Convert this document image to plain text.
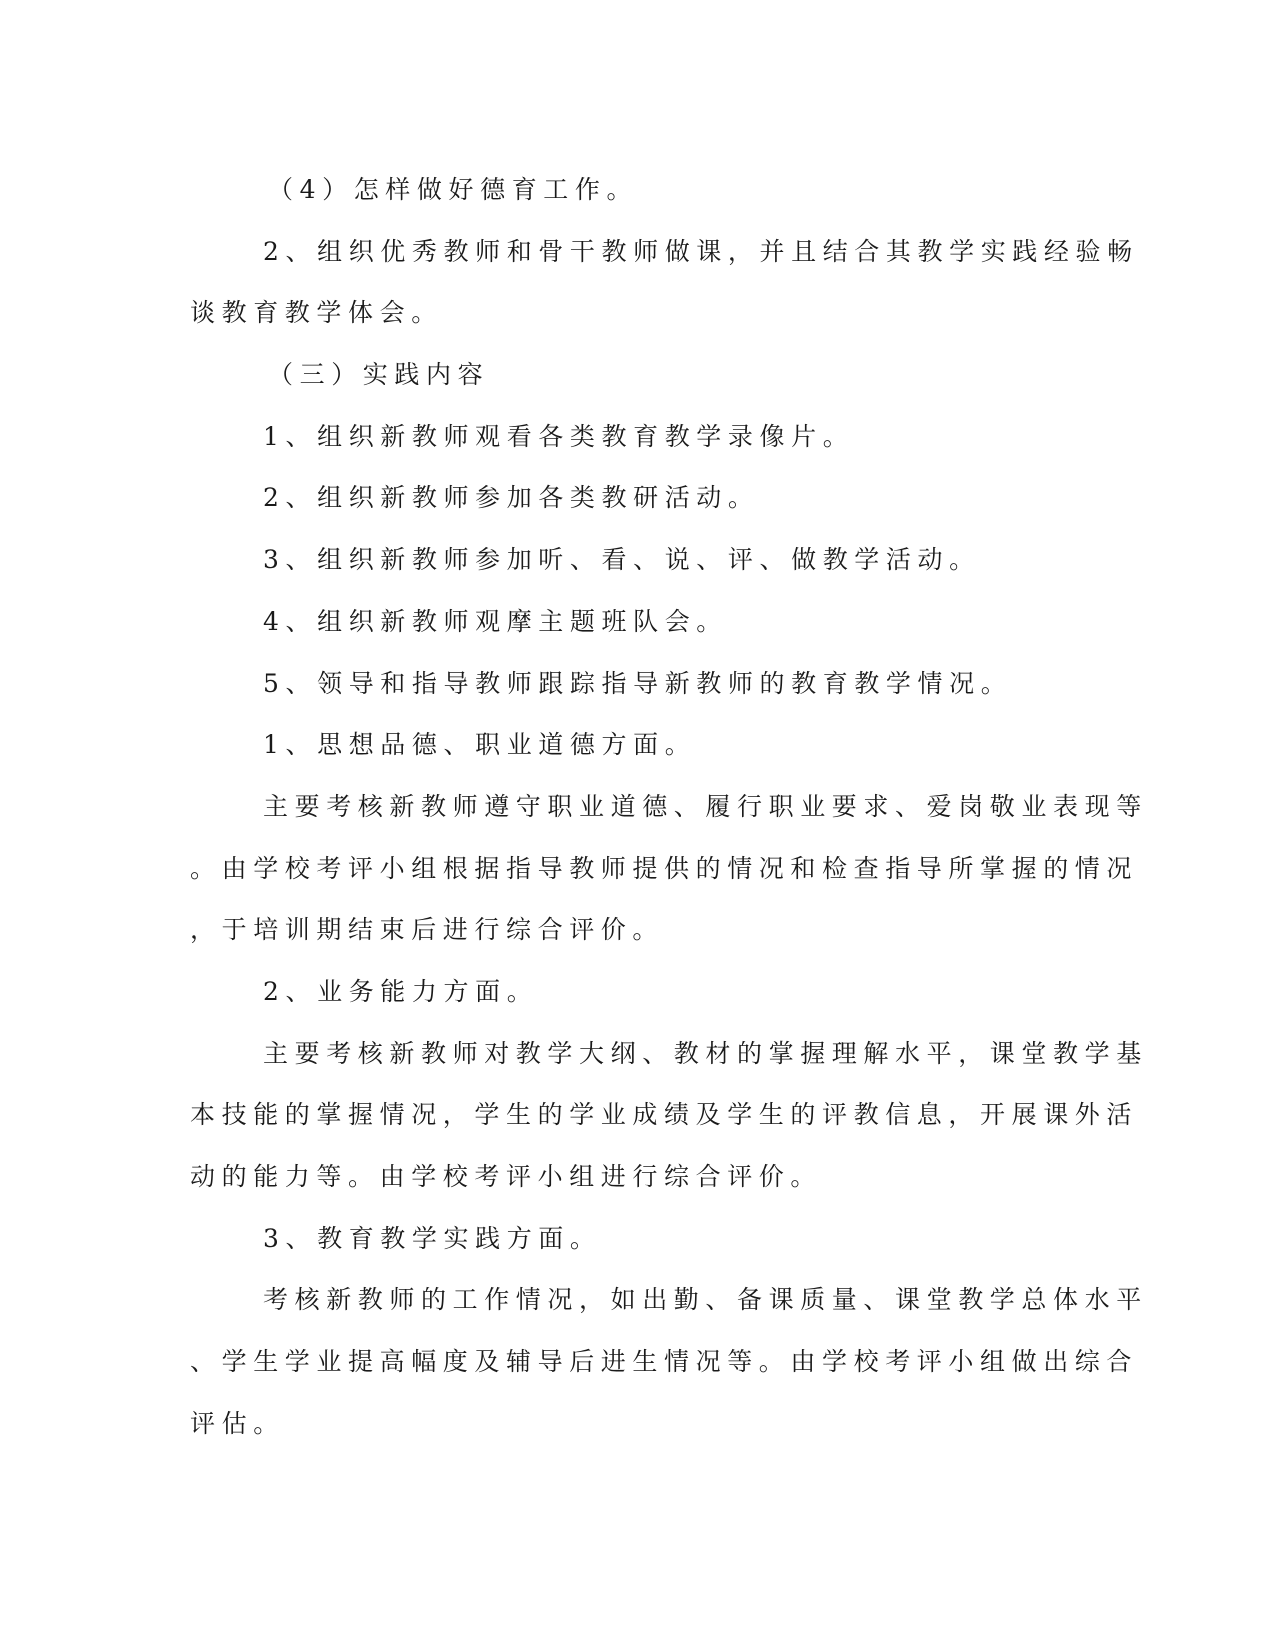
（4）怎样做好德育工作。

2、组织优秀教师和骨干教师做课，并且结合其教学实践经验畅

谈教育教学体会。

（三）实践内容

1、组织新教师观看各类教育教学录像片。

2、组织新教师参加各类教研活动。

3、组织新教师参加听、看、说、评、做教学活动。

4、组织新教师观摩主题班队会。

5、领导和指导教师跟踪指导新教师的教育教学情况。

1、思想品德、职业道德方面。

主要考核新教师遵守职业道德、履行职业要求、爱岗敬业表现等

。由学校考评小组根据指导教师提供的情况和检查指导所掌握的情况

，于培训期结束后进行综合评价。

2、业务能力方面。

主要考核新教师对教学大纲、教材的掌握理解水平，课堂教学基

本技能的掌握情况，学生的学业成绩及学生的评教信息，开展课外活

动的能力等。由学校考评小组进行综合评价。

3、教育教学实践方面。

考核新教师的工作情况，如出勤、备课质量、课堂教学总体水平

、学生学业提高幅度及辅导后进生情况等。由学校考评小组做出综合

评估。
